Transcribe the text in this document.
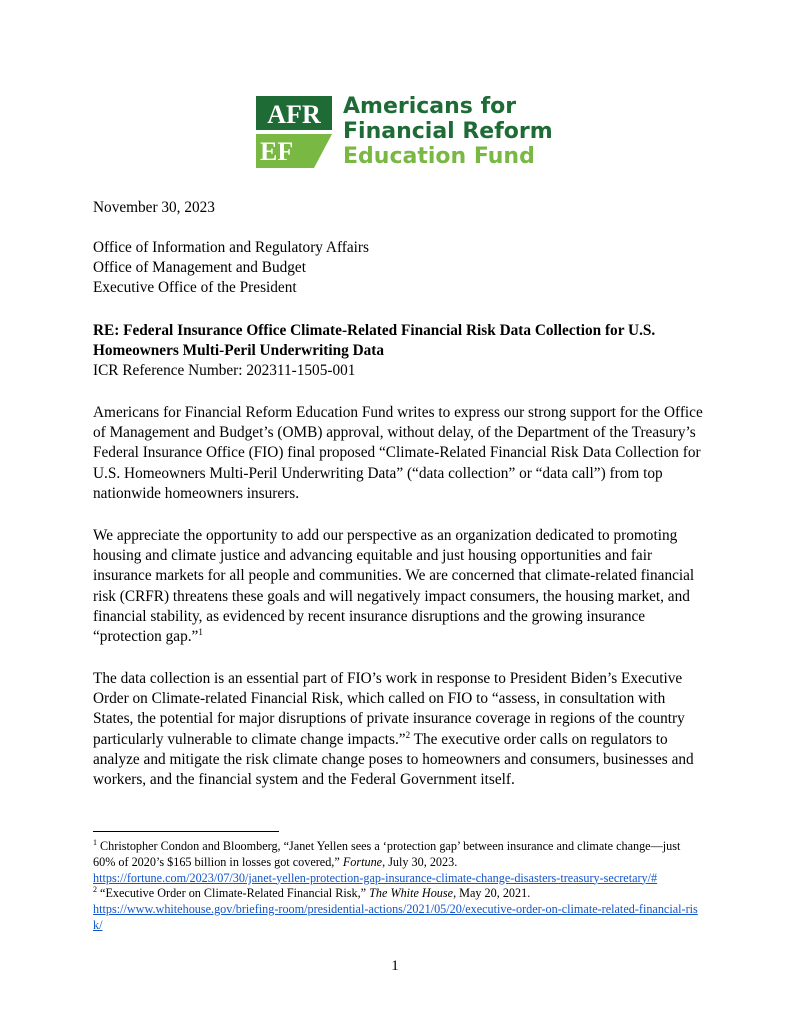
AFR
EF
Americans for
Financial Reform
Education Fund
November 30, 2023

Office of Information and Regulatory Affairs

Office of Management and Budget

Executive Office of the President

RE: Federal Insurance Office Climate-Related Financial Risk Data Collection for U.S.

Homeowners Multi-Peril Underwriting Data

ICR Reference Number: 202311-1505-001

Americans for Financial Reform Education Fund writes to express our strong support for the Office of Management and Budget’s (OMB) approval, without delay, of the Department of the Treasury’s Federal Insurance Office (FIO) final proposed “Climate-Related Financial Risk Data Collection for U.S. Homeowners Multi-Peril Underwriting Data” (“data collection” or “data call”) from top nationwide homeowners insurers.

We appreciate the opportunity to add our perspective as an organization dedicated to promoting housing and climate justice and advancing equitable and just housing opportunities and fair insurance markets for all people and communities. We are concerned that climate-related financial risk (CRFR) threatens these goals and will negatively impact consumers, the housing market, and financial stability, as evidenced by recent insurance disruptions and the growing insurance “protection gap.”$^1$

The data collection is an essential part of FIO’s work in response to President Biden’s Executive Order on Climate-related Financial Risk, which called on FIO to “assess, in consultation with States, the potential for major disruptions of private insurance coverage in regions of the country particularly vulnerable to climate change impacts.”$^2$ The executive order calls on regulators to analyze and mitigate the risk climate change poses to homeowners and consumers, businesses and workers, and the financial system and the Federal Government itself.

$^1$ Christopher Condon and Bloomberg, “Janet Yellen sees a ‘protection gap’ between insurance and climate change—just 60% of 2020’s $165 billion in losses got covered,” Fortune, July 30, 2023.
https://fortune.com/2023/07/30/janet-yellen-protection-gap-insurance-climate-change-disasters-treasury-secretary/#

$^2$ “Executive Order on Climate-Related Financial Risk,” The White House, May 20, 2021.
https://www.whitehouse.gov/briefing-room/presidential-actions/2021/05/20/executive-order-on-climate-related-financial-risk/

1
